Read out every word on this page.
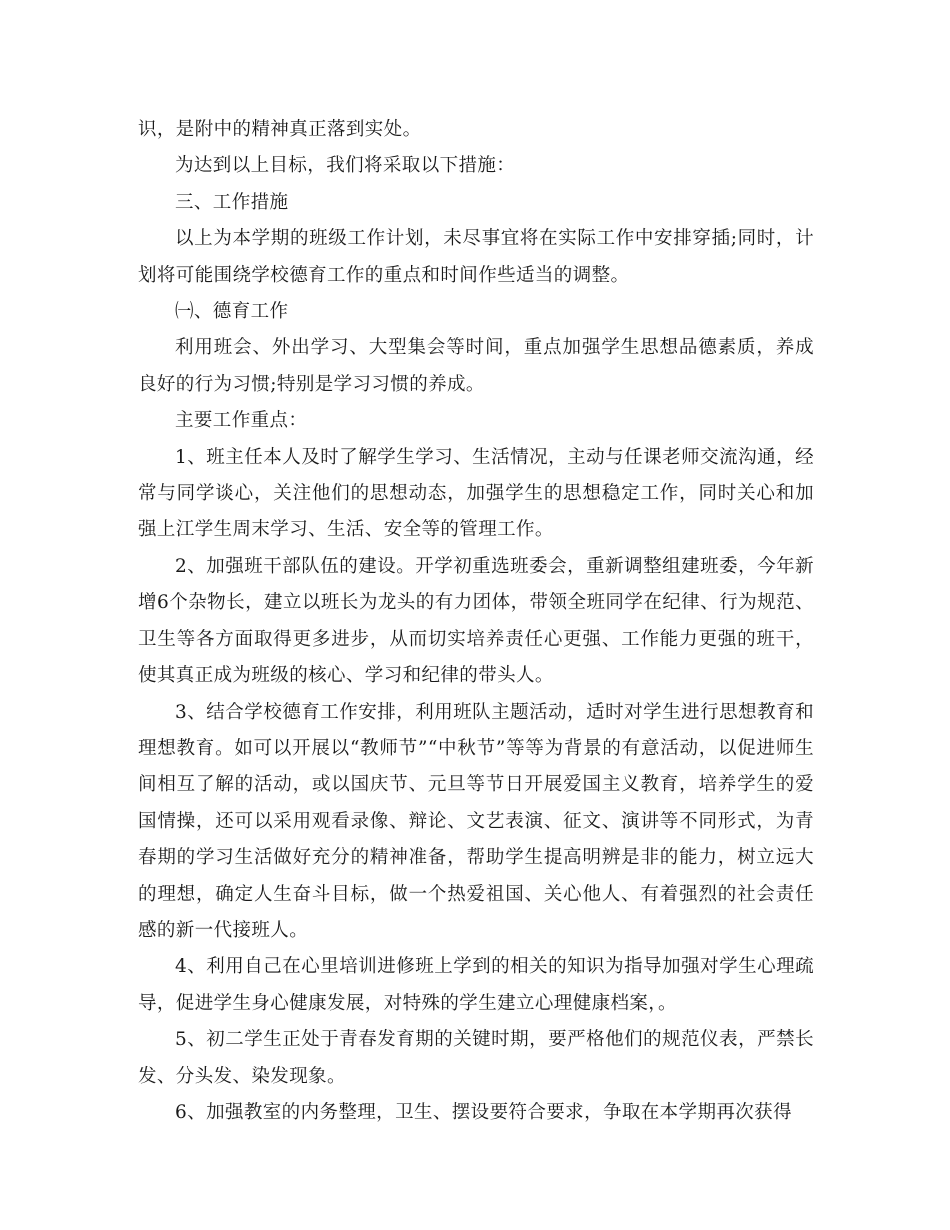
识，是附中的精神真正落到实处。

为达到以上目标，我们将采取以下措施：

三、工作措施

以上为本学期的班级工作计划，未尽事宜将在实际工作中安排穿插;同时，计划将可能围绕学校德育工作的重点和时间作些适当的调整。

㈠、德育工作

利用班会、外出学习、大型集会等时间，重点加强学生思想品德素质，养成良好的行为习惯;特别是学习习惯的养成。

主要工作重点：

1、班主任本人及时了解学生学习、生活情况，主动与任课老师交流沟通，经常与同学谈心，关注他们的思想动态，加强学生的思想稳定工作，同时关心和加强上江学生周末学习、生活、安全等的管理工作。

2、加强班干部队伍的建设。开学初重选班委会，重新调整组建班委，今年新增6个杂物长，建立以班长为龙头的有力团体，带领全班同学在纪律、行为规范、卫生等各方面取得更多进步，从而切实培养责任心更强、工作能力更强的班干，使其真正成为班级的核心、学习和纪律的带头人。

3、结合学校德育工作安排，利用班队主题活动，适时对学生进行思想教育和理想教育。如可以开展以“教师节”“中秋节”等等为背景的有意活动，以促进师生间相互了解的活动，或以国庆节、元旦等节日开展爱国主义教育，培养学生的爱国情操，还可以采用观看录像、辩论、文艺表演、征文、演讲等不同形式，为青春期的学习生活做好充分的精神准备，帮助学生提高明辨是非的能力，树立远大的理想，确定人生奋斗目标，做一个热爱祖国、关心他人、有着强烈的社会责任感的新一代接班人。

4、利用自己在心里培训进修班上学到的相关的知识为指导加强对学生心理疏导，促进学生身心健康发展，对特殊的学生建立心理健康档案，。

5、初二学生正处于青春发育期的关键时期，要严格他们的规范仪表，严禁长发、分头发、染发现象。

6、加强教室的内务整理，卫生、摆设要符合要求，争取在本学期再次获得
